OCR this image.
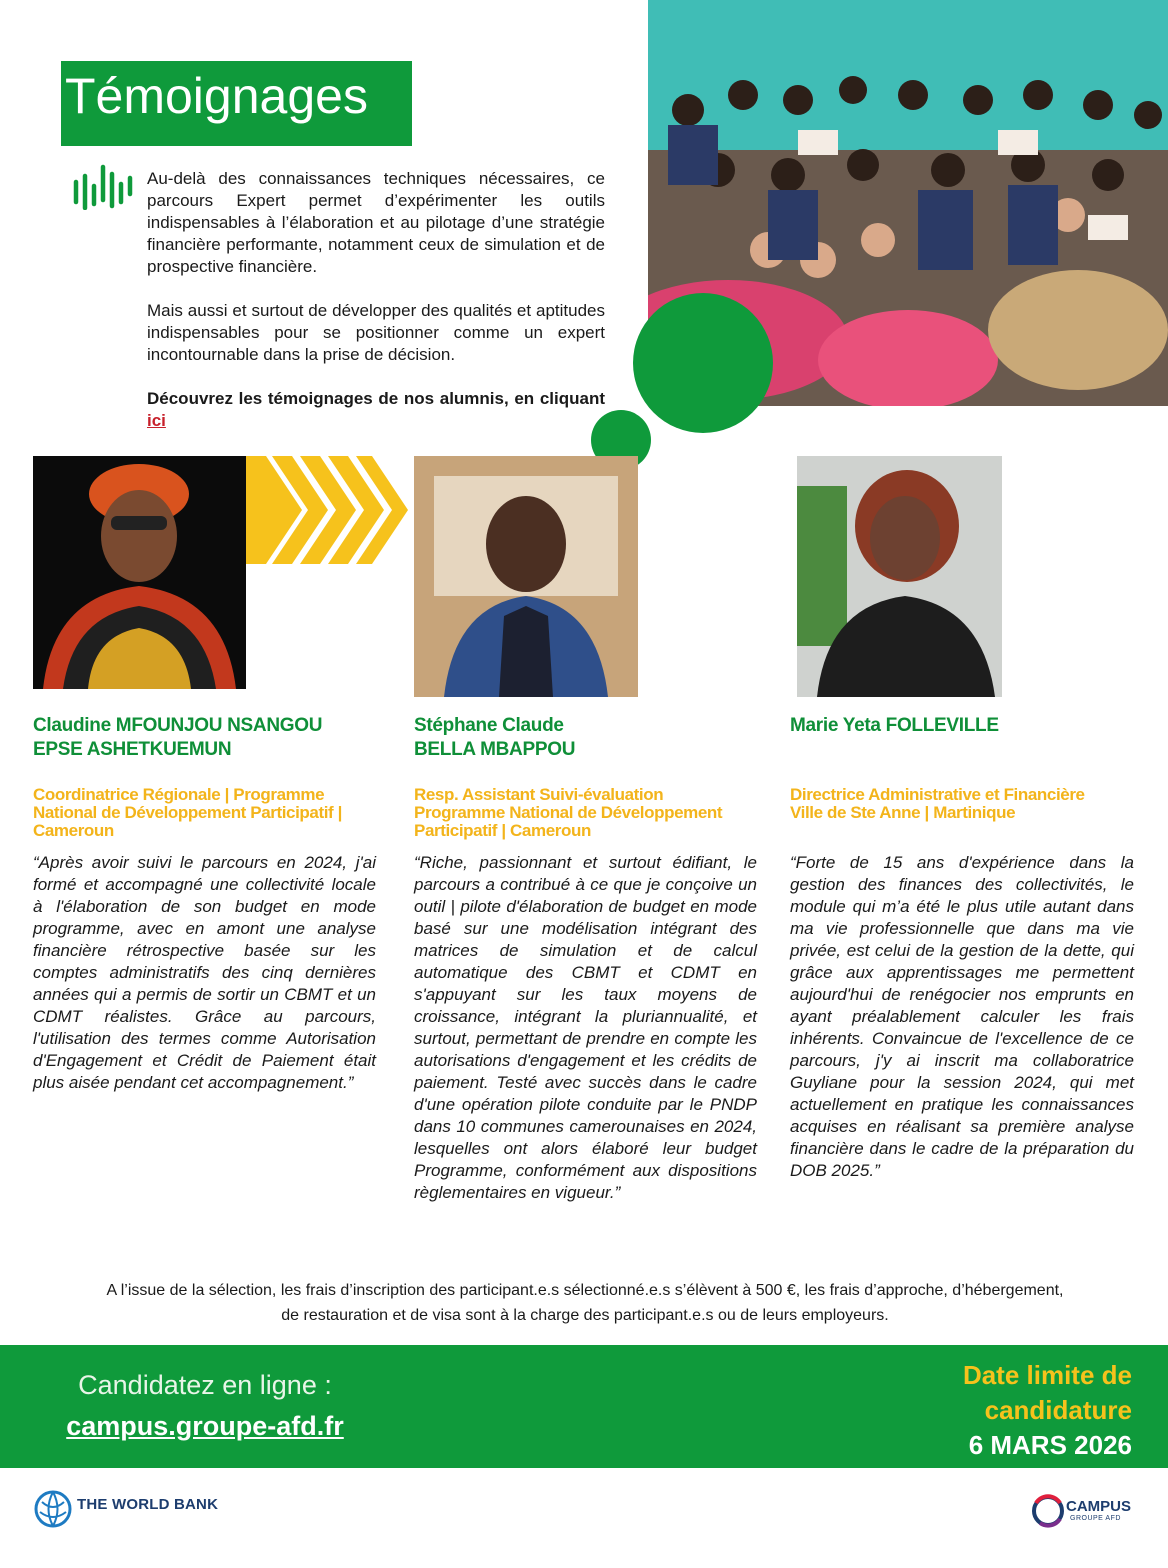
Témoignages

Au-delà des connaissances techniques nécessaires, ce parcours Expert permet d’expérimenter les outils indispensables à l’élaboration et au pilotage d’une stratégie financière performante, notamment ceux de simulation et de prospective financière.

Mais aussi et surtout de développer des qualités et aptitudes indispensables pour se positionner comme un expert incontournable dans la prise de décision.

Découvrez les témoignages de nos alumnis, en cliquant ici

Claudine MFOUNJOU NSANGOU
EPSE ASHETKUEMUN
Coordinatrice Régionale | Programme National de Développement Participatif | Cameroun
“Après avoir suivi le parcours en 2024, j'ai formé et accompagné une collectivité locale à l'élaboration de son budget en mode programme, avec en amont une analyse financière rétrospective basée sur les comptes administratifs des cinq dernières années qui a permis de sortir un CBMT et un CDMT réalistes. Grâce au parcours, l'utilisation des termes comme Autorisation d'Engagement et Crédit de Paiement était plus aisée pendant cet accompagnement.”
Stéphane Claude
BELLA MBAPPOU
Resp. Assistant Suivi-évaluation Programme National de Développement Participatif | Cameroun
“Riche, passionnant et surtout édifiant, le parcours a contribué à ce que je conçoive un outil | pilote d'élaboration de budget en mode basé sur une modélisation intégrant des matrices de simulation et de calcul automatique des CBMT et CDMT en s'appuyant sur les taux moyens de croissance, intégrant la pluriannualité, et surtout, permettant de prendre en compte les autorisations d'engagement et les crédits de paiement. Testé avec succès dans le cadre d'une opération pilote conduite par le PNDP dans 10 communes camerounaises en 2024, lesquelles ont alors élaboré leur budget Programme, conformément aux dispositions règlementaires en vigueur.”
Marie Yeta FOLLEVILLE
Directrice Administrative et Financière Ville de Ste Anne | Martinique
“Forte de 15 ans d'expérience dans la gestion des finances des collectivités, le module qui m’a été le plus utile autant dans ma vie professionnelle que dans ma vie privée, est celui de la gestion de la dette, qui grâce aux apprentissages me permettent aujourd'hui de renégocier nos emprunts en ayant préalablement calculer les frais inhérents. Convaincue de l'excellence de ce parcours, j'y ai inscrit ma collaboratrice Guyliane pour la session 2024, qui met actuellement en pratique les connaissances acquises en réalisant sa première analyse financière dans le cadre de la préparation du DOB 2025.”
A l’issue de la sélection, les frais d’inscription des participant.e.s sélectionné.e.s s’élèvent à 500 €, les frais d’approche, d’hébergement,
de restauration et de visa sont à la charge des participant.e.s ou de leurs employeurs.
Candidatez en ligne :
campus.groupe-afd.fr
Date limite de
candidature
6 MARS 2026
THE WORLD BANK	CAMPUS
GROUPE AFD
